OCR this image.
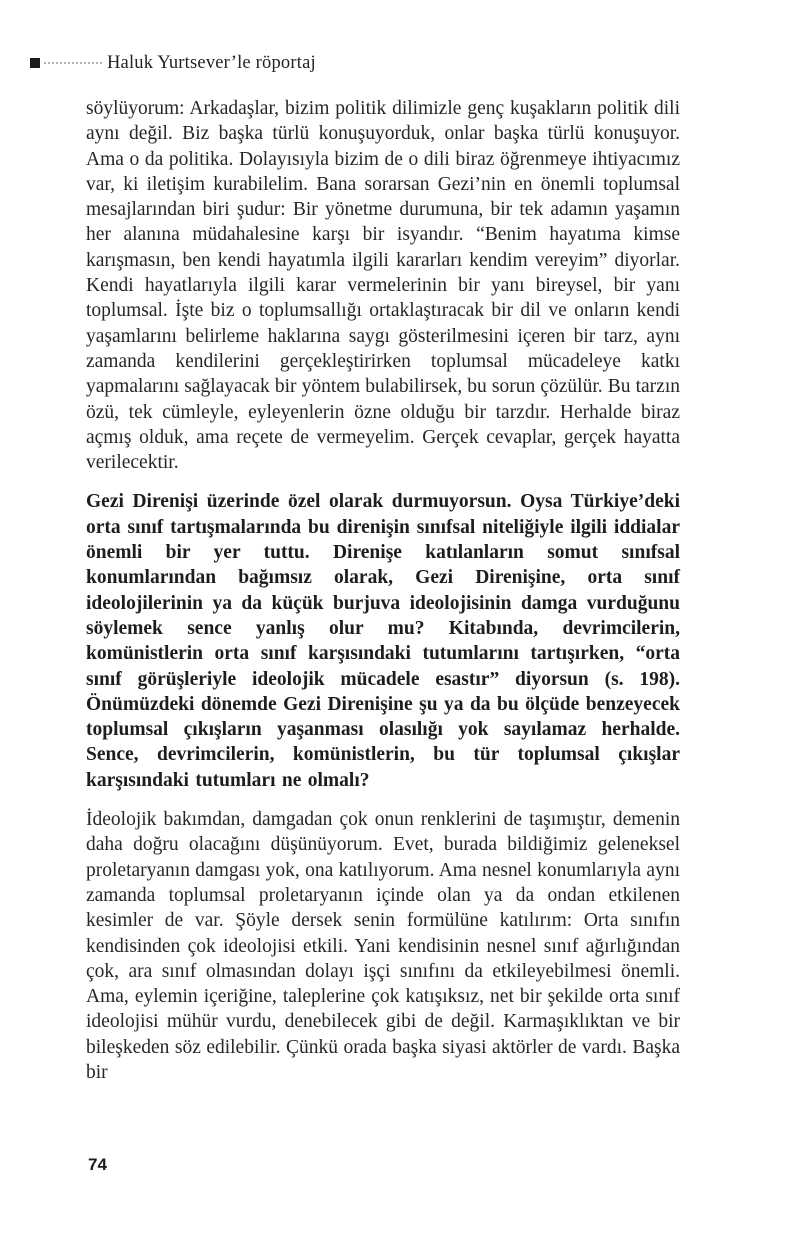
Haluk Yurtsever’le röportaj

söylüyorum: Arkadaşlar, bizim politik dilimizle genç kuşakların politik dili aynı değil. Biz başka türlü konuşuyorduk, onlar başka türlü konuşuyor. Ama o da politika. Dolayısıyla bizim de o dili biraz öğrenmeye ihtiyacımız var, ki iletişim kurabilelim. Bana sorarsan Gezi’nin en önemli toplumsal mesajlarından biri şudur: Bir yönetme durumuna, bir tek adamın yaşamın her alanına müdahalesine karşı bir isyandır. “Benim hayatıma kimse karışmasın, ben kendi hayatımla ilgili kararları kendim vereyim” diyorlar. Kendi hayatlarıyla ilgili karar vermelerinin bir yanı bireysel, bir yanı toplumsal. İşte biz o toplumsallığı ortaklaştıracak bir dil ve onların kendi yaşamlarını belirleme haklarına saygı gösterilmesini içeren bir tarz, aynı zamanda kendilerini gerçekleştirirken toplumsal mücadeleye katkı yapmalarını sağlayacak bir yöntem bulabilirsek, bu sorun çözülür. Bu tarzın özü, tek cümleyle, eyleyenlerin özne olduğu bir tarzdır. Herhalde biraz açmış olduk, ama reçete de vermeyelim. Gerçek cevaplar, gerçek hayatta verilecektir.

Gezi Direnişi üzerinde özel olarak durmuyorsun. Oysa Türkiye’deki orta sınıf tartışmalarında bu direnişin sınıfsal niteliğiyle ilgili iddialar önemli bir yer tuttu. Direnişe katılanların somut sınıfsal konumlarından bağımsız olarak, Gezi Direnişine, orta sınıf ideolojilerinin ya da küçük burjuva ideolojisinin damga vurduğunu söylemek sence yanlış olur mu? Kitabında, devrimcilerin, komünistlerin orta sınıf karşısındaki tutumlarını tartışırken, “orta sınıf görüşleriyle ideolojik mücadele esastır” diyorsun (s. 198). Önümüzdeki dönemde Gezi Direnişine şu ya da bu ölçüde benzeyecek toplumsal çıkışların yaşanması olasılığı yok sayılamaz herhalde. Sence, devrimcilerin, komünistlerin, bu tür toplumsal çıkışlar karşısındaki tutumları ne olmalı?

İdeolojik bakımdan, damgadan çok onun renklerini de taşımıştır, demenin daha doğru olacağını düşünüyorum. Evet, burada bildiğimiz geleneksel proletaryanın damgası yok, ona katılıyorum. Ama nesnel konumlarıyla aynı zamanda toplumsal proletaryanın içinde olan ya da ondan etkilenen kesimler de var. Şöyle dersek senin formülüne katılırım: Orta sınıfın kendisinden çok ideolojisi etkili. Yani kendisinin nesnel sınıf ağırlığından çok, ara sınıf olmasından dolayı işçi sınıfını da etkileyebilmesi önemli. Ama, eylemin içeriğine, taleplerine çok katışıksız, net bir şekilde orta sınıf ideolojisi mühür vurdu, denebilecek gibi de değil. Karmaşıklıktan ve bir bileşkeden söz edilebilir. Çünkü orada başka siyasi aktörler de vardı. Başka bir

74
